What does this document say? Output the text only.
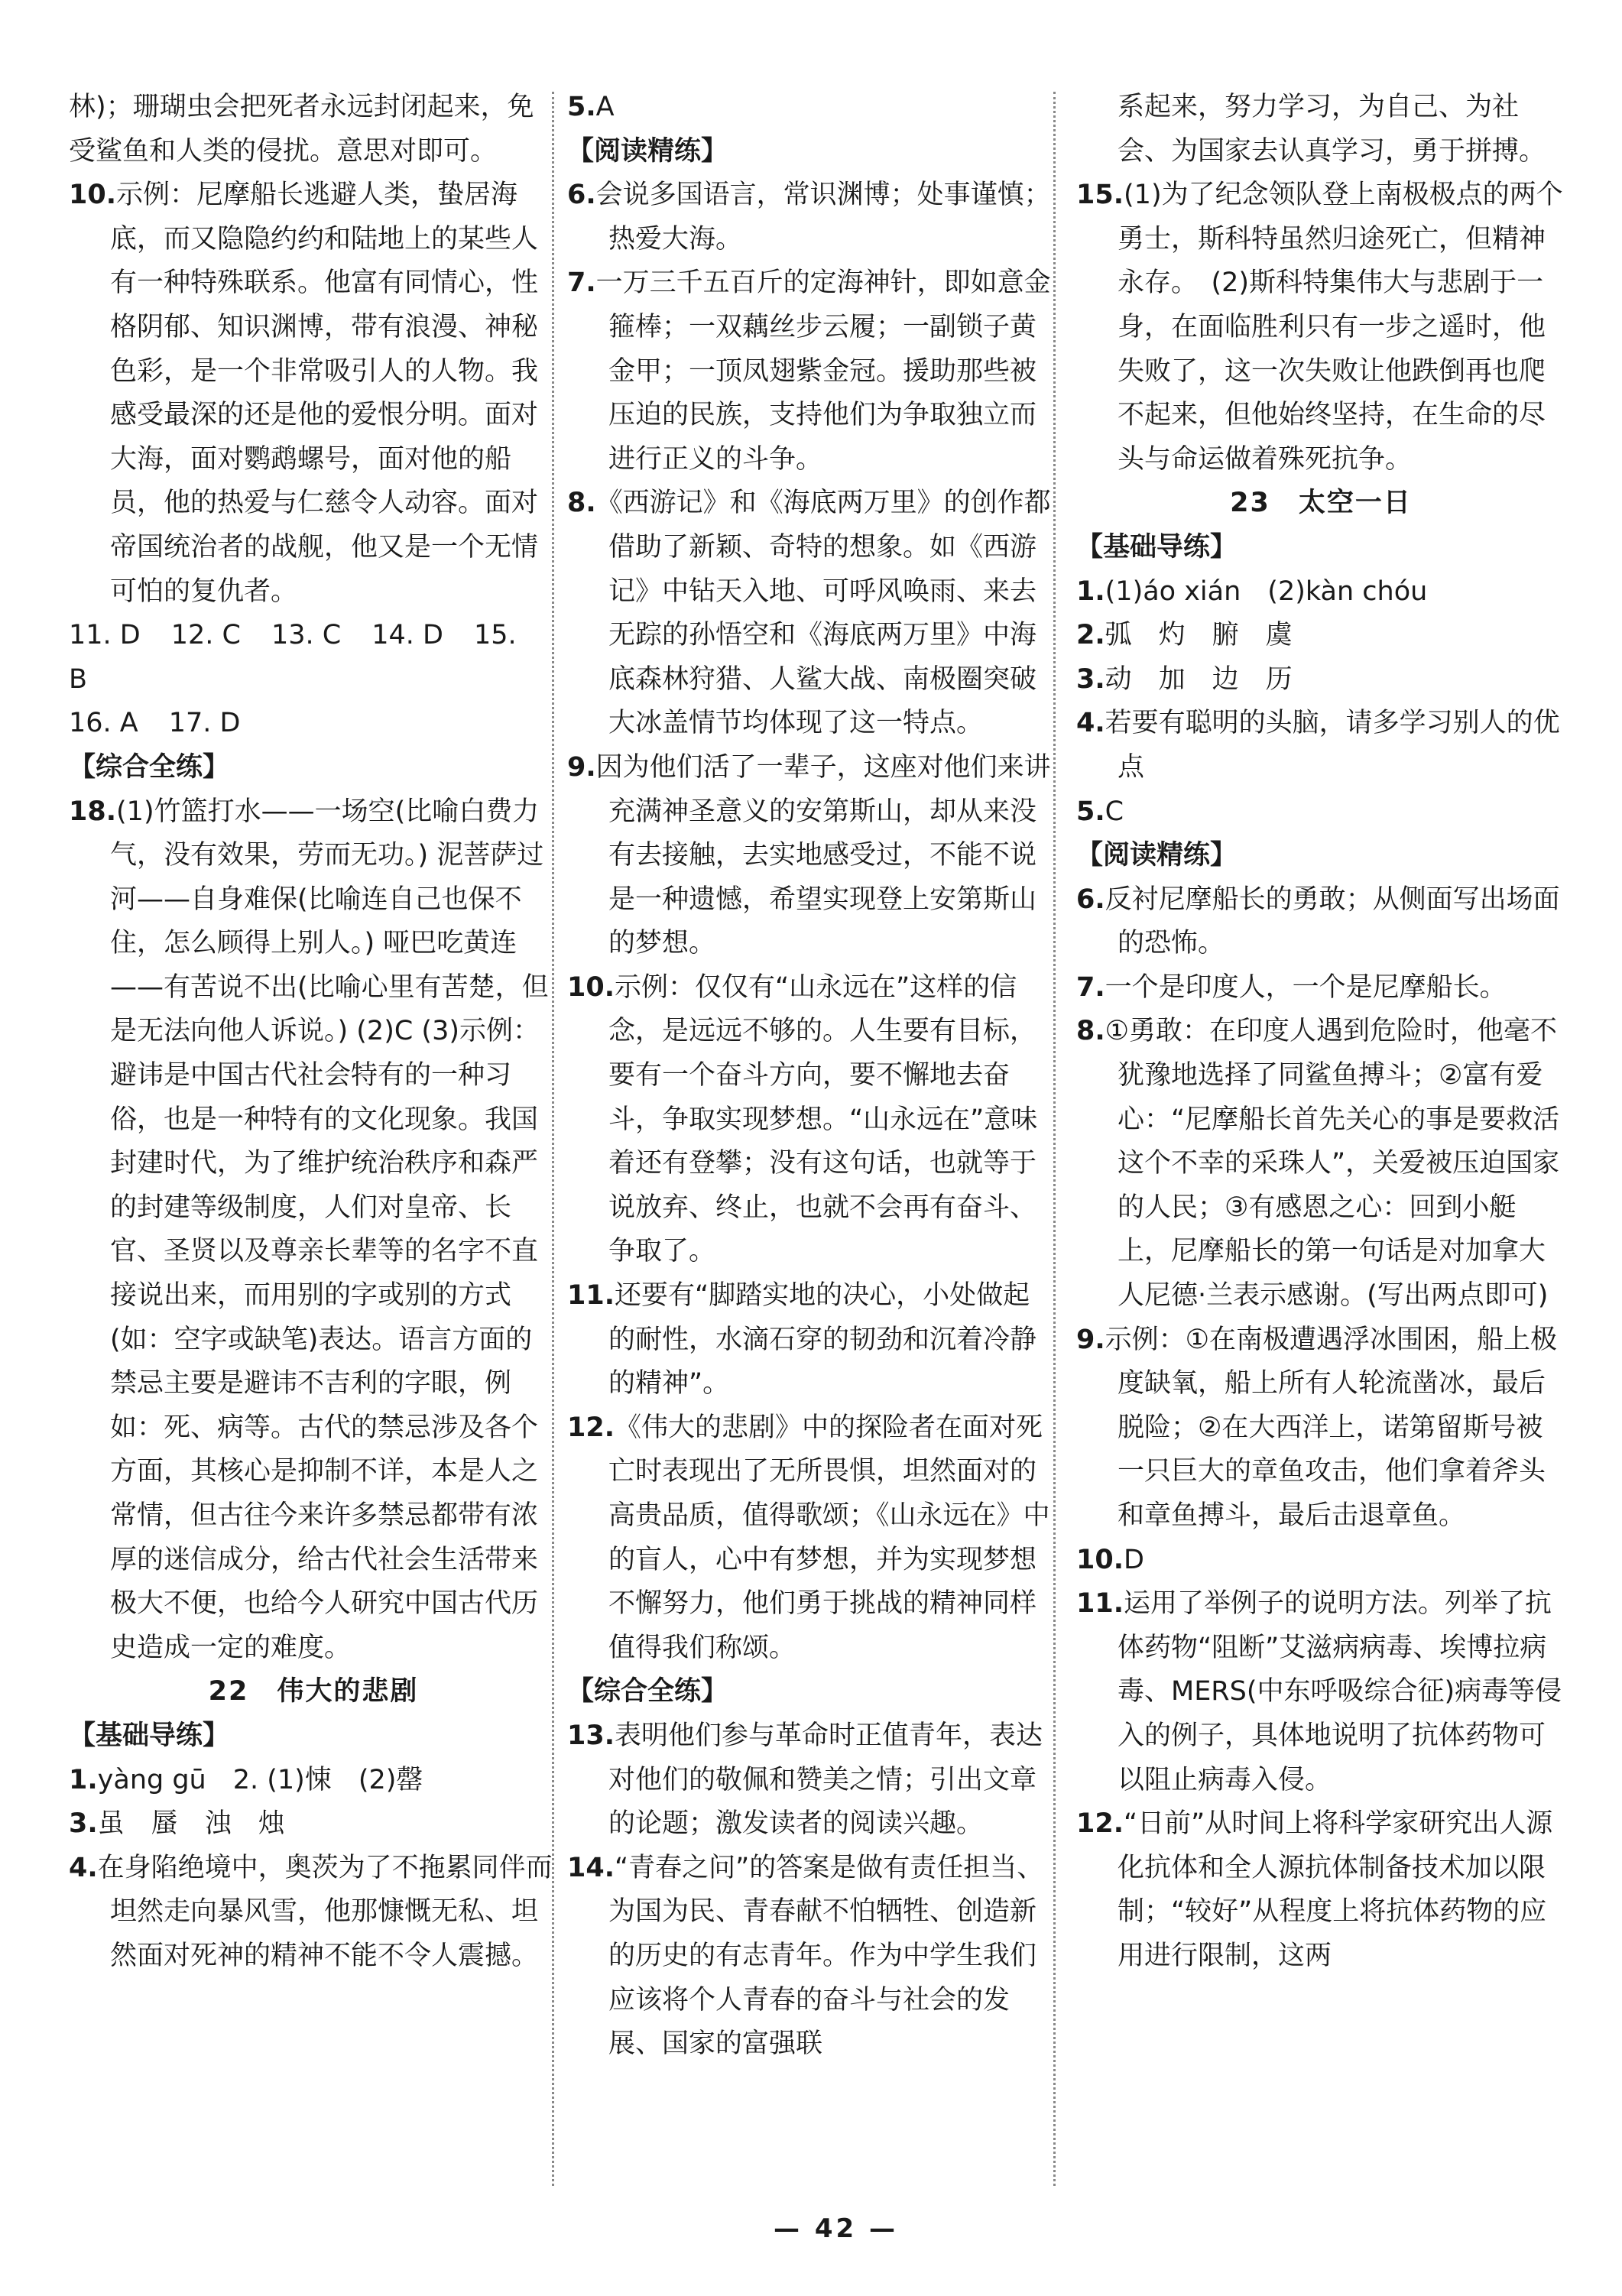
林)；珊瑚虫会把死者永远封闭起来，免受鲨鱼和人类的侵扰。意思对即可。

10.示例：尼摩船长逃避人类，蛰居海底，而又隐隐约约和陆地上的某些人有一种特殊联系。他富有同情心，性格阴郁、知识渊博，带有浪漫、神秘色彩，是一个非常吸引人的人物。我感受最深的还是他的爱恨分明。面对大海，面对鹦鹉螺号，面对他的船员，他的热爱与仁慈令人动容。面对帝国统治者的战舰，他又是一个无情可怕的复仇者。

11. D 12. C 13. C 14. D 15. B
16. A 17. D

【综合全练】

18.(1)竹篮打水——一场空(比喻白费力气，没有效果，劳而无功。) 泥菩萨过河——自身难保(比喻连自己也保不住，怎么顾得上别人。) 哑巴吃黄连——有苦说不出(比喻心里有苦楚，但是无法向他人诉说。) (2)C (3)示例：避讳是中国古代社会特有的一种习俗，也是一种特有的文化现象。我国封建时代，为了维护统治秩序和森严的封建等级制度，人们对皇帝、长官、圣贤以及尊亲长辈等的名字不直接说出来，而用别的字或别的方式(如：空字或缺笔)表达。语言方面的禁忌主要是避讳不吉利的字眼，例如：死、病等。古代的禁忌涉及各个方面，其核心是抑制不详，本是人之常情，但古往今来许多禁忌都带有浓厚的迷信成分，给古代社会生活带来极大不便，也给今人研究中国古代历史造成一定的难度。

22　伟大的悲剧

【基础导练】

1.yàng gū　2. (1)悚　(2)罄

3.虽　蜃　浊　烛

4.在身陷绝境中，奥茨为了不拖累同伴而坦然走向暴风雪，他那慷慨无私、坦然面对死神的精神不能不令人震撼。

5.A

【阅读精练】

6.会说多国语言，常识渊博；处事谨慎；热爱大海。

7.一万三千五百斤的定海神针，即如意金箍棒；一双藕丝步云履；一副锁子黄金甲；一顶凤翅紫金冠。援助那些被压迫的民族，支持他们为争取独立而进行正义的斗争。

8.《西游记》和《海底两万里》的创作都借助了新颖、奇特的想象。如《西游记》中钻天入地、可呼风唤雨、来去无踪的孙悟空和《海底两万里》中海底森林狩猎、人鲨大战、南极圈突破大冰盖情节均体现了这一特点。

9.因为他们活了一辈子，这座对他们来讲充满神圣意义的安第斯山，却从来没有去接触，去实地感受过，不能不说是一种遗憾，希望实现登上安第斯山的梦想。

10.示例：仅仅有“山永远在”这样的信念，是远远不够的。人生要有目标，要有一个奋斗方向，要不懈地去奋斗，争取实现梦想。“山永远在”意味着还有登攀；没有这句话，也就等于说放弃、终止，也就不会再有奋斗、争取了。

11.还要有“脚踏实地的决心，小处做起的耐性，水滴石穿的韧劲和沉着冷静的精神”。

12.《伟大的悲剧》中的探险者在面对死亡时表现出了无所畏惧，坦然面对的高贵品质，值得歌颂；《山永远在》中的盲人，心中有梦想，并为实现梦想不懈努力，他们勇于挑战的精神同样值得我们称颂。

【综合全练】

13.表明他们参与革命时正值青年，表达对他们的敬佩和赞美之情；引出文章的论题；激发读者的阅读兴趣。

14.“青春之问”的答案是做有责任担当、为国为民、青春献不怕牺牲、创造新的历史的有志青年。作为中学生我们应该将个人青春的奋斗与社会的发展、国家的富强联

系起来，努力学习，为自己、为社会、为国家去认真学习，勇于拼搏。

15.(1)为了纪念领队登上南极极点的两个勇士，斯科特虽然归途死亡，但精神永存。　(2)斯科特集伟大与悲剧于一身，在面临胜利只有一步之遥时，他失败了，这一次失败让他跌倒再也爬不起来，但他始终坚持，在生命的尽头与命运做着殊死抗争。

23　太空一日

【基础导练】

1.(1)áo xián　(2)kàn chóu

2.弧　灼　腑　虞

3.动　加　边　历

4.若要有聪明的头脑，请多学习别人的优点

5.C

【阅读精练】

6.反衬尼摩船长的勇敢；从侧面写出场面的恐怖。

7.一个是印度人，一个是尼摩船长。

8.①勇敢：在印度人遇到危险时，他毫不犹豫地选择了同鲨鱼搏斗；②富有爱心：“尼摩船长首先关心的事是要救活这个不幸的采珠人”，关爱被压迫国家的人民；③有感恩之心：回到小艇上，尼摩船长的第一句话是对加拿大人尼德·兰表示感谢。(写出两点即可)

9.示例：①在南极遭遇浮冰围困，船上极度缺氧，船上所有人轮流凿冰，最后脱险；②在大西洋上，诺第留斯号被一只巨大的章鱼攻击，他们拿着斧头和章鱼搏斗，最后击退章鱼。

10.D

11.运用了举例子的说明方法。列举了抗体药物“阻断”艾滋病病毒、埃博拉病毒、MERS(中东呼吸综合征)病毒等侵入的例子，具体地说明了抗体药物可以阻止病毒入侵。

12.“日前”从时间上将科学家研究出人源化抗体和全人源抗体制备技术加以限制；“较好”从程度上将抗体药物的应用进行限制，这两

— 42 —
